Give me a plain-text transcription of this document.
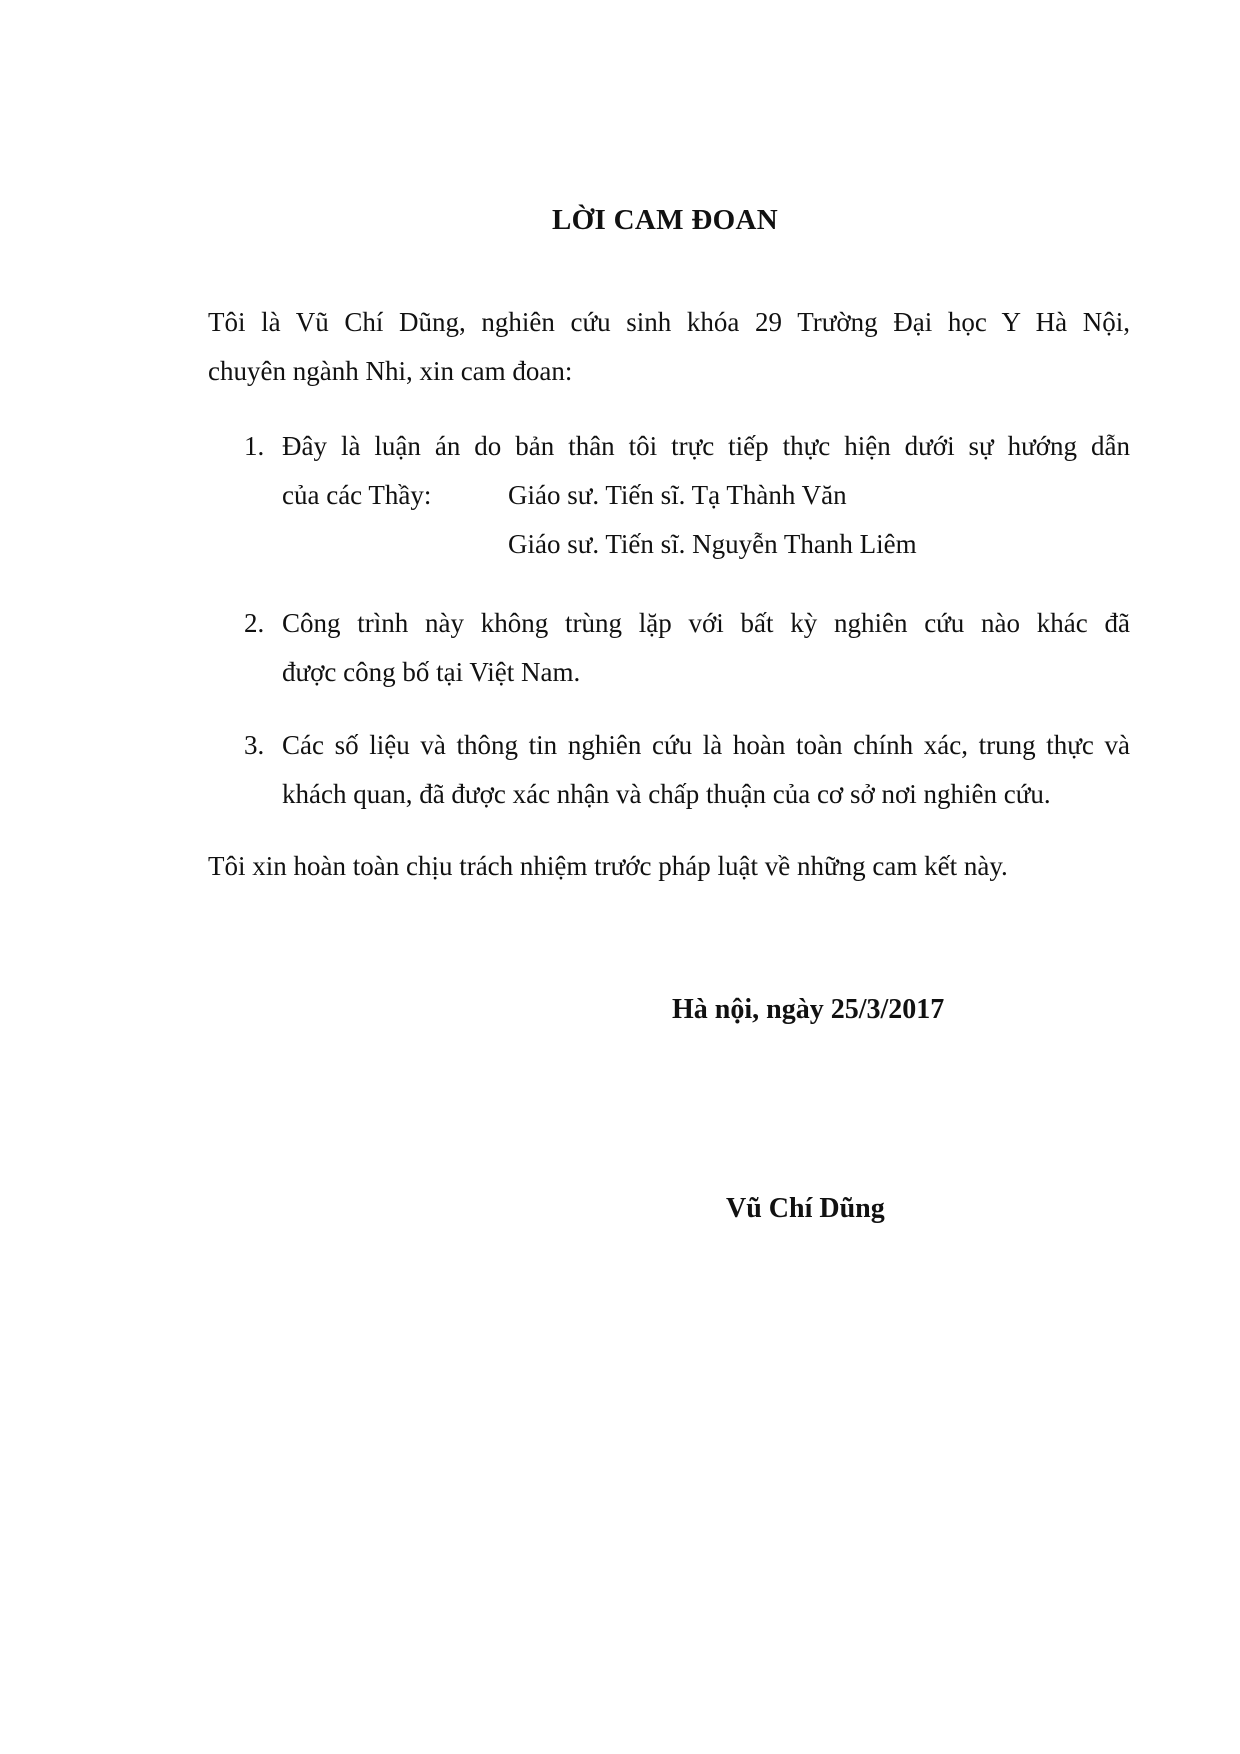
LỜI CAM ĐOAN
Tôi là Vũ Chí Dũng, nghiên cứu sinh khóa 29 Trường Đại học Y Hà Nội,
chuyên ngành Nhi, xin cam đoan:
1. Đây là luận án do bản thân tôi trực tiếp thực hiện dưới sự hướng dẫn
của các Thầy:	Giáo sư. Tiến sĩ. Tạ Thành Văn
Giáo sư. Tiến sĩ. Nguyễn Thanh Liêm
2. Công trình này không trùng lặp với bất kỳ nghiên cứu nào khác đã
được công bố tại Việt Nam.
3. Các số liệu và thông tin nghiên cứu là hoàn toàn chính xác, trung thực và
khách quan, đã được xác nhận và chấp thuận của cơ sở nơi nghiên cứu.
Tôi xin hoàn toàn chịu trách nhiệm trước pháp luật về những cam kết này.
Hà nội, ngày 25/3/2017
Vũ Chí Dũng
